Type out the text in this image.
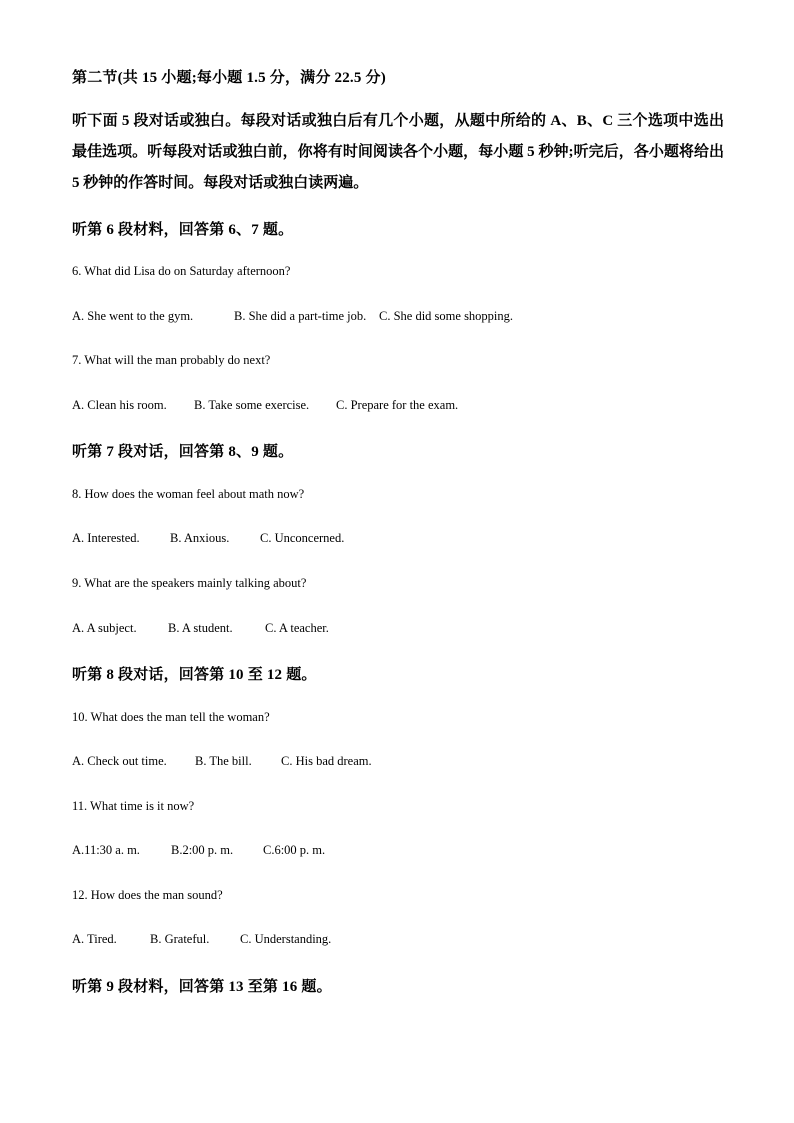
第二节(共 15 小题;每小题 1.5 分，满分 22.5 分)
听下面 5 段对话或独白。每段对话或独白后有几个小题，从题中所给的 A、B、C 三个选项中选出最佳选项。听每段对话或独白前，你将有时间阅读各个小题，每小题 5 秒钟;听完后，各小题将给出 5 秒钟的作答时间。每段对话或独白读两遍。
听第 6 段材料，回答第 6、7 题。
6. What did Lisa do on Saturday afternoon?
A. She went to the gym.	B. She did a part-time job. C. She did some shopping.
7. What will the man probably do next?
A. Clean his room. B. Take some exercise. C. Prepare for the exam.
听第 7 段对话，回答第 8、9 题。
8. How does the woman feel about math now?
A. Interested. B. Anxious. C. Unconcerned.
9. What are the speakers mainly talking about?
A. A subject.	B. A student.	C. A teacher.
听第 8 段对话，回答第 10 至 12 题。
10. What does the man tell the woman?
A. Check out time. B. The bill. C. His bad dream.
11. What time is it now?
A.11:30 a. m. B.2:00 p. m. C.6:00 p. m.
12. How does the man sound?
A. Tired.	B. Grateful. C. Understanding.
听第 9 段材料，回答第 13 至第 16 题。
